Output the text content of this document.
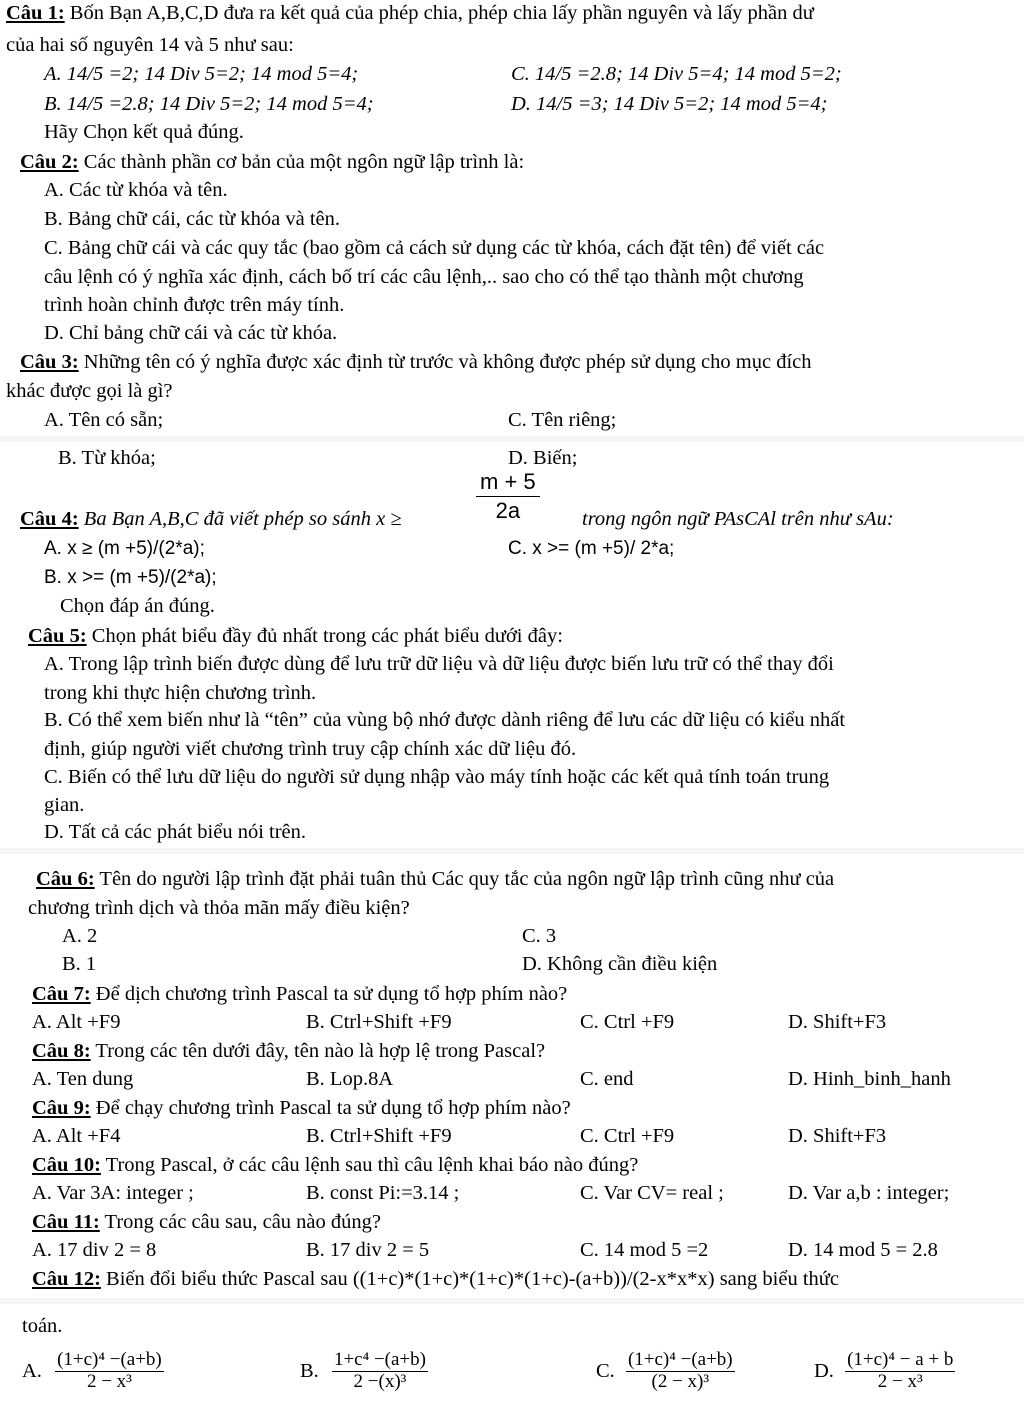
Câu 1: Bốn Bạn A,B,C,D đưa ra kết quả của phép chia, phép chia lấy phần nguyên và lấy phần dư
của hai số nguyên 14 và 5 như sau:
A. 14/5 =2; 14 Div 5=2; 14 mod 5=4;	C. 14/5 =2.8; 14 Div 5=4; 14 mod 5=2;
B. 14/5 =2.8; 14 Div 5=2; 14 mod 5=4;	D. 14/5 =3; 14 Div 5=2; 14 mod 5=4;
Hãy Chọn kết quả đúng.
Câu 2: Các thành phần cơ bản của một ngôn ngữ lập trình là:
A. Các từ khóa và tên.
B. Bảng chữ cái, các từ khóa và tên.
C. Bảng chữ cái và các quy tắc (bao gồm cả cách sử dụng các từ khóa, cách đặt tên) để viết các
câu lệnh có ý nghĩa xác định, cách bố trí các câu lệnh,.. sao cho có thể tạo thành một chương
trình hoàn chỉnh được trên máy tính.
D. Chỉ bảng chữ cái và các từ khóa.
Câu 3: Những tên có ý nghĩa được xác định từ trước và không được phép sử dụng cho mục đích
khác được gọi là gì?
A. Tên có sẵn;	C. Tên riêng;
B. Từ khóa;	D. Biến;
Câu 4: Ba Bạn A,B,C đã viết phép so sánh x ≥	$\frac{m + 5}{2a}$ trong ngôn ngữ PAsCAl trên như sAu:
A. x ≥ (m +5)/(2*a);	C. x >= (m +5)/ 2*a;
B. x >= (m +5)/(2*a);
Chọn đáp án đúng.
Câu 5: Chọn phát biểu đầy đủ nhất trong các phát biểu dưới đây:
A. Trong lập trình biến được dùng để lưu trữ dữ liệu và dữ liệu được biến lưu trữ có thể thay đổi
trong khi thực hiện chương trình.
B. Có thể xem biến như là “tên” của vùng bộ nhớ được dành riêng để lưu các dữ liệu có kiểu nhất
định, giúp người viết chương trình truy cập chính xác dữ liệu đó.
C. Biến có thể lưu dữ liệu do người sử dụng nhập vào máy tính hoặc các kết quả tính toán trung
gian.
D. Tất cả các phát biểu nói trên.
Câu 6: Tên do người lập trình đặt phải tuân thủ Các quy tắc của ngôn ngữ lập trình cũng như của
chương trình dịch và thỏa mãn mấy điều kiện?
A. 2	C. 3
B. 1	D. Không cần điều kiện
Câu 7: Để dịch chương trình Pascal ta sử dụng tổ hợp phím nào?
A. Alt +F9	B. Ctrl+Shift +F9	C. Ctrl +F9	D. Shift+F3
Câu 8: Trong các tên dưới đây, tên nào là hợp lệ trong Pascal?
A. Ten dung	B. Lop.8A	C. end	D. Hinh_binh_hanh
Câu 9: Để chạy chương trình Pascal ta sử dụng tổ hợp phím nào?
A. Alt +F4	B. Ctrl+Shift +F9	C. Ctrl +F9	D. Shift+F3
Câu 10: Trong Pascal, ở các câu lệnh sau thì câu lệnh khai báo nào đúng?
A. Var 3A: integer ;	B. const Pi:=3.14 ;	C. Var CV= real ;	D. Var a,b : integer;
Câu 11: Trong các câu sau, câu nào đúng?
A. 17 div 2 = 8	B. 17 div 2 = 5	C. 14 mod 5 =2	D. 14 mod 5 = 2.8
Câu 12: Biến đổi biểu thức Pascal sau ((1+c)*(1+c)*(1+c)*(1+c)-(a+b))/(2-x*x*x) sang biểu thức
toán.
A. $\frac{\text{(1+c)⁴ −(a+b)}}{\text{2 − x³}}$	B. $\frac{\text{1+c⁴ −(a+b)}}{\text{2 −(x)³}}$	C. $\frac{\text{(1+c)⁴ −(a+b)}}{\text{(2 − x)³}}$	D. $\frac{\text{(1+c)⁴ − a + b}}{\text{2 − x³}}$
